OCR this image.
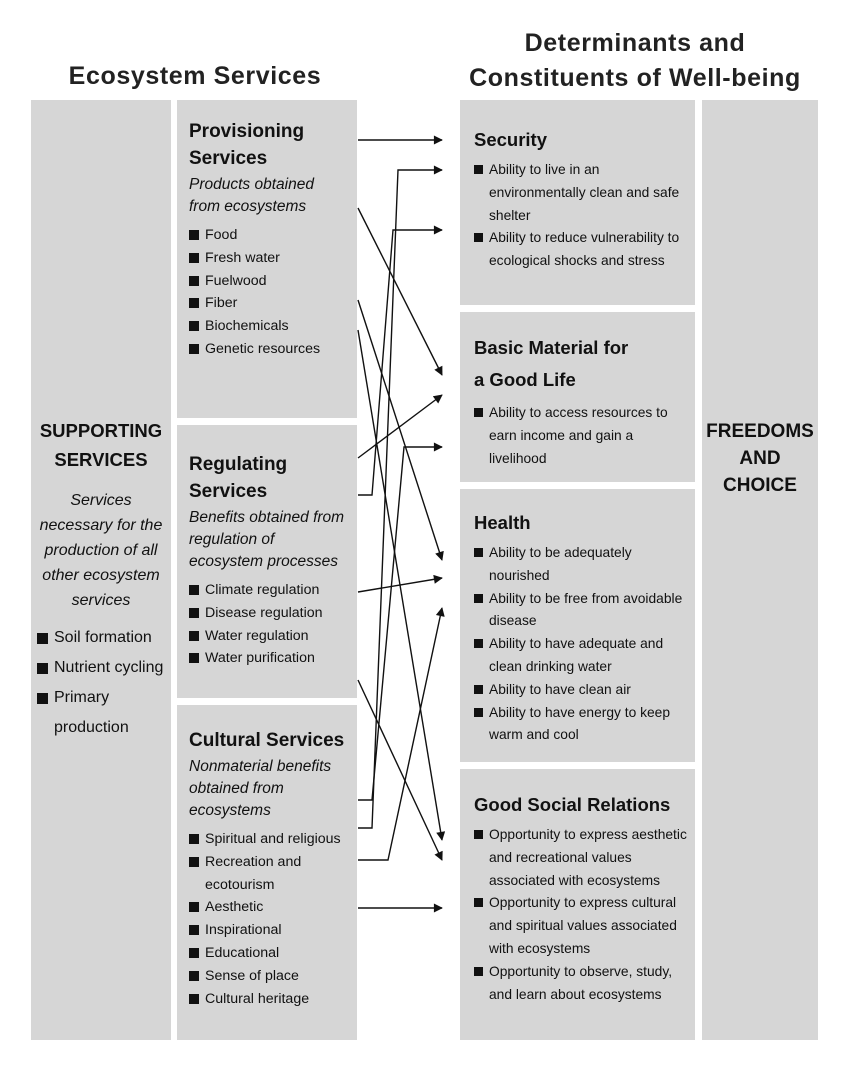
Ecosystem Services
Determinants and
Constituents of Well-being
SUPPORTING
SERVICES
Services necessary for the production of all other ecosystem services
Soil formation
Nutrient cycling
Primary production
Provisioning Services
Products obtained from ecosystems
Food
Fresh water
Fuelwood
Fiber
Biochemicals
Genetic resources
Regulating Services
Benefits obtained from regulation of ecosystem processes
Climate regulation
Disease regulation
Water regulation
Water purification
Cultural Services
Nonmaterial benefits obtained from ecosystems
Spiritual and religious
Recreation and ecotourism
Aesthetic
Inspirational
Educational
Sense of place
Cultural heritage
Security
Ability to live in an environmentally clean and safe shelter
Ability to reduce vulnerability to ecological shocks and stress
Basic Material for
a Good Life
Ability to access resources to earn income and gain a livelihood
Health
Ability to be adequately nourished
Ability to be free from avoidable disease
Ability to have adequate and clean drinking water
Ability to have clean air
Ability to have energy to keep warm and cool
Good Social Relations
Opportunity to express aesthetic and recreational values associated with ecosystems
Opportunity to express cultural and spiritual values associated with ecosystems
Opportunity to observe, study, and learn about ecosystems
FREEDOMS
AND
CHOICE
